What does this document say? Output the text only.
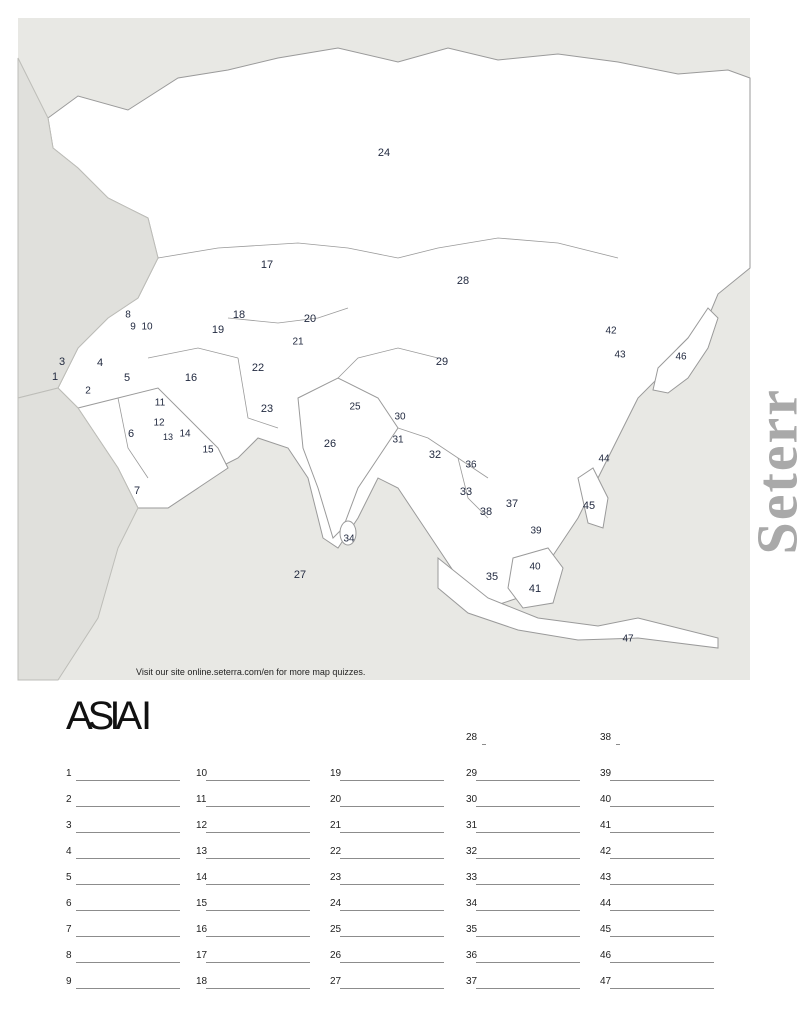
1
2
3	4
5
6
7
8
9 10
11
12
13 14
15
16
17
18
19
20
21
22
23
24
25
26
27
28
29
30
31
32
33
34
35
36
37
38
39
40
41
42
43
44
45
46
47
Seterr
Visit our site online.seterra.com/en for more map quizzes.
ASIA I
1
2
3
4
5
6
7
8
9
10
11
12
13
14
15
16
17
18
19
20
21
22
23
24
25
26
27
28
29
30
31
32
33
34
35
36
37
38
39
40
41
42
43
44
45
46
47
